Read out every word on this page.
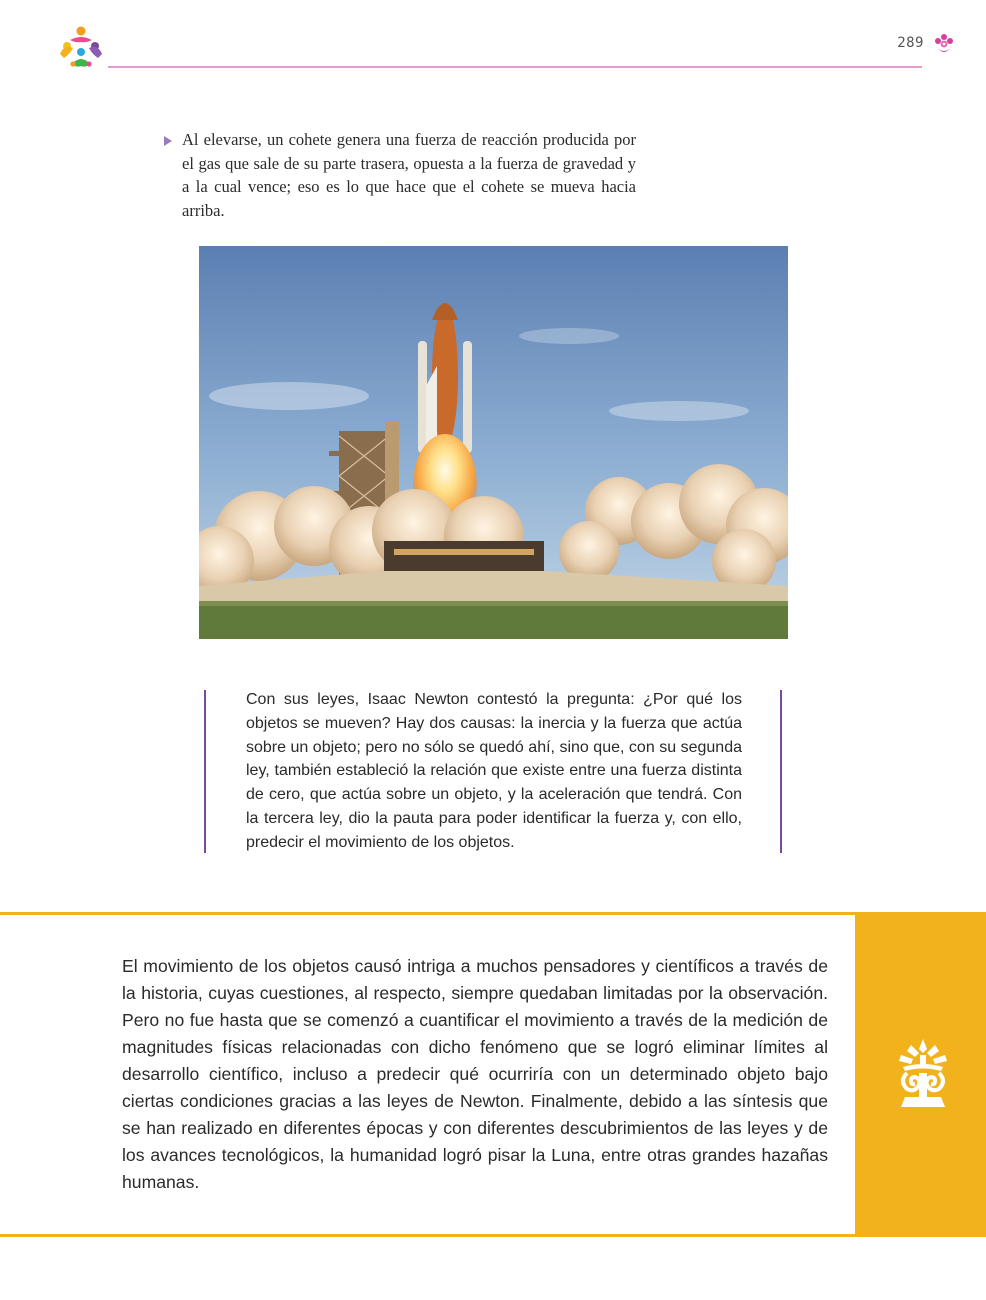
289

Al elevarse, un cohete genera una fuerza de reacción producida por el gas que sale de su parte trasera, opuesta a la fuerza de gravedad y a la cual vence; eso es lo que hace que el cohete se mueva hacia arriba.

Con sus leyes, Isaac Newton contestó la pregunta: ¿Por qué los objetos se mueven? Hay dos causas: la inercia y la fuerza que actúa sobre un objeto; pero no sólo se quedó ahí, sino que, con su segunda ley, también estableció la relación que existe entre una fuerza distinta de cero, que actúa sobre un objeto, y la aceleración que tendrá. Con la tercera ley, dio la pauta para poder identificar la fuerza y, con ello, predecir el movimiento de los objetos.

El movimiento de los objetos causó intriga a muchos pensadores y científicos a través de la historia, cuyas cuestiones, al respecto, siempre quedaban limitadas por la observación. Pero no fue hasta que se comenzó a cuantificar el movimiento a través de la medición de magnitudes físicas relacionadas con dicho fenómeno que se logró eliminar límites al desarrollo científico, incluso a predecir qué ocurriría con un determinado objeto bajo ciertas condiciones gracias a las leyes de Newton. Finalmente, debido a las síntesis que se han realizado en diferentes épocas y con diferentes descubrimientos de las leyes y de los avances tecnológicos, la humanidad logró pisar la Luna, entre otras grandes hazañas humanas.
